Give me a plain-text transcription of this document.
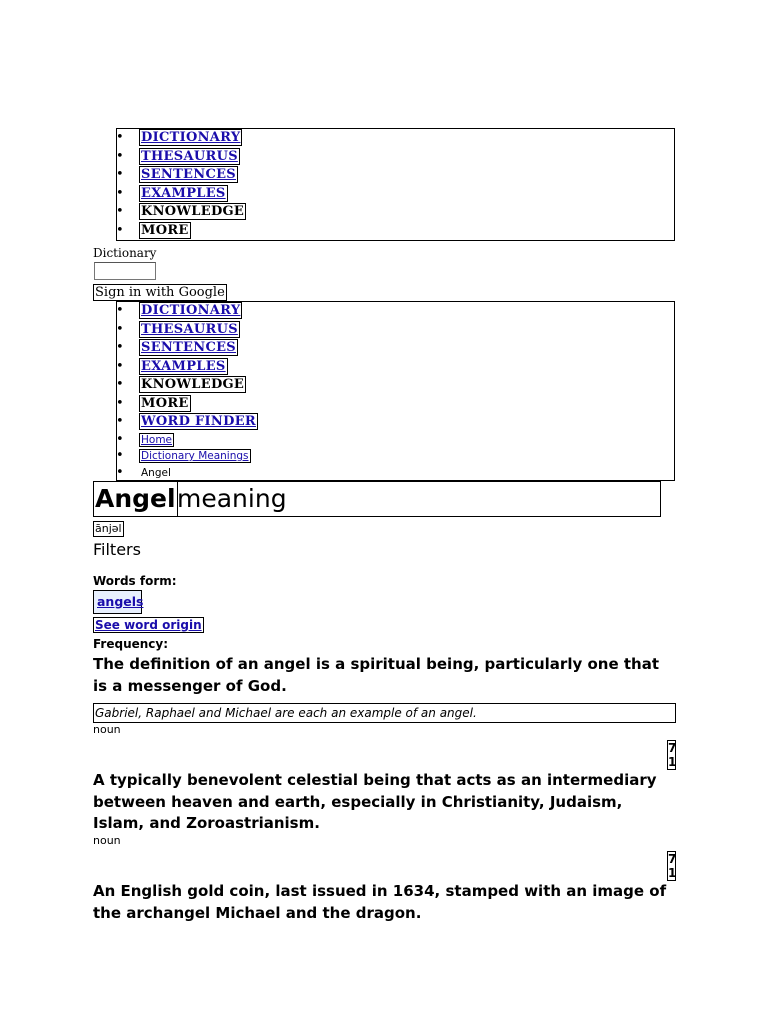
• DICTIONARY
• THESAURUS
• SENTENCES
• EXAMPLES
• KNOWLEDGE
• MORE
Dictionary
Sign in with Google
• DICTIONARY
• THESAURUS
• SENTENCES
• EXAMPLES
• KNOWLEDGE
• MORE
• WORD FINDER
• Home
• Dictionary Meanings
• Angel
Angel meaning
ānjəl
Filters
Words form:
angels
See word origin
Frequency:
The definition of an angel is a spiritual being, particularly one that is a messenger of God.
Gabriel, Raphael and Michael are each an example of an angel.
noun
7
1
A typically benevolent celestial being that acts as an intermediary between heaven and earth, especially in Christianity, Judaism, Islam, and Zoroastrianism.
noun
7
1
An English gold coin, last issued in 1634, stamped with an image of the archangel Michael and the dragon.
